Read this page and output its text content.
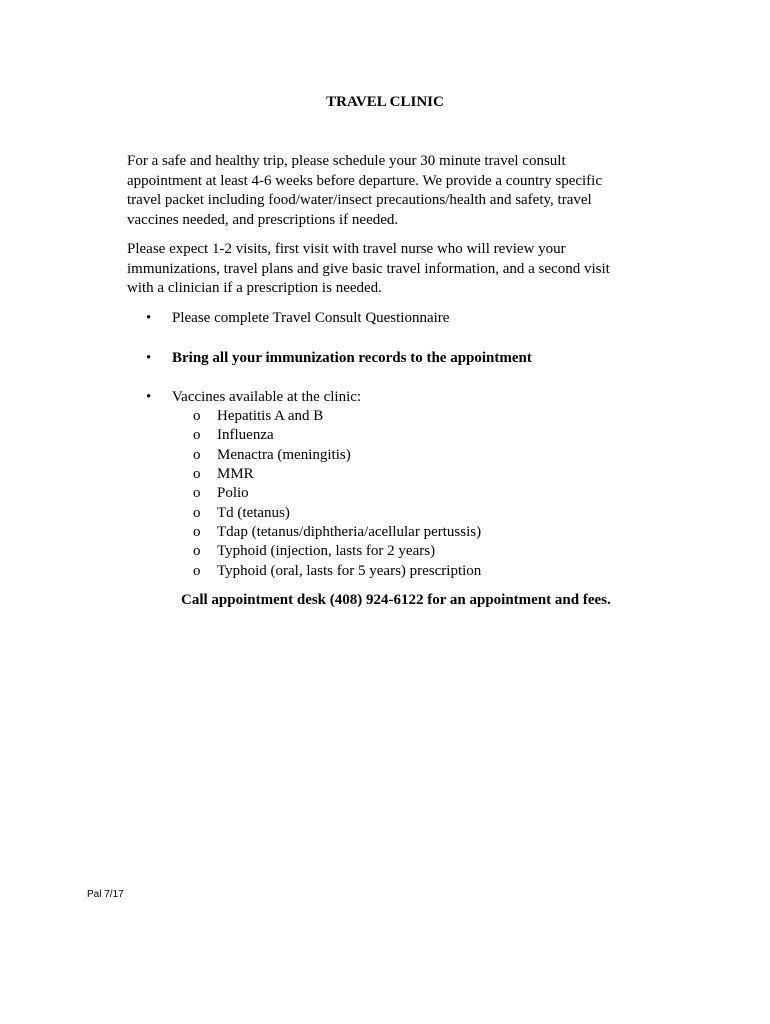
TRAVEL CLINIC

For a safe and healthy trip, please schedule your 30 minute travel consult appointment at least 4-6 weeks before departure. We provide a country specific travel packet including food/water/insect precautions/health and safety, travel vaccines needed, and prescriptions if needed.

Please expect 1-2 visits, first visit with travel nurse who will review your immunizations, travel plans and give basic travel information, and a second visit with a clinician if a prescription is needed.

• Please complete Travel Consult Questionnaire
• Bring all your immunization records to the appointment
• Vaccines available at the clinic:
o	Hepatitis A and B
o	Influenza
o	Menactra (meningitis)
o	MMR
o	Polio
o	Td (tetanus)
o	Tdap (tetanus/diphtheria/acellular pertussis)
o	Typhoid (injection, lasts for 2 years)
o	Typhoid (oral, lasts for 5 years) prescription
Call appointment desk (408) 924-6122 for an appointment and fees.
Pal 7/17
